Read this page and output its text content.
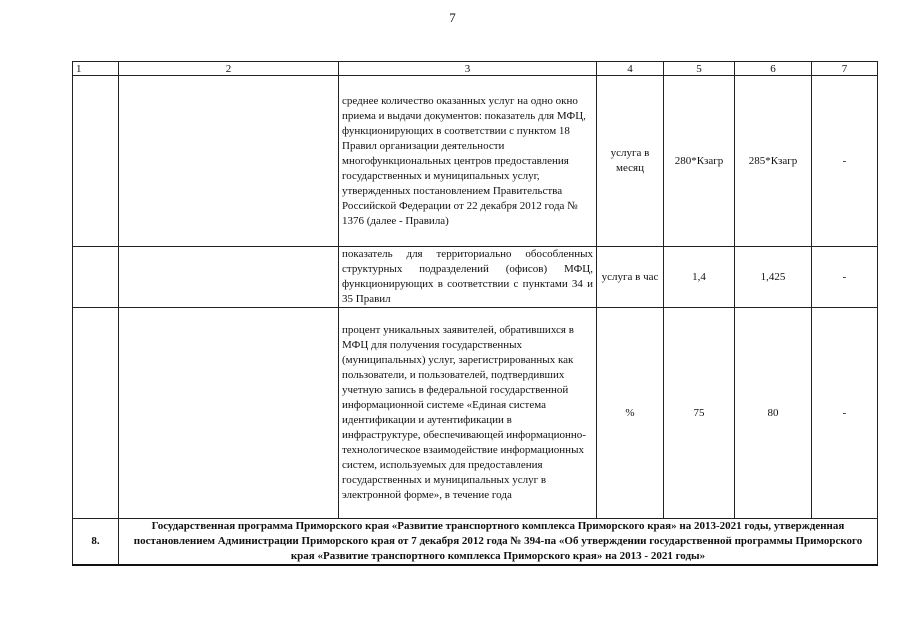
7
1	2	3	4	5	6	7
		среднее количество оказанных услуг на одно окно приема и выдачи документов: показатель для МФЦ, функционирующих в соответствии с пунктом 18 Правил организации деятельности многофункциональных центров предоставления государственных и муниципальных услуг, утвержденных постановлением Правительства Российской Федерации от 22 декабря 2012 года № 1376 (далее - Правила)	услуга в месяц	280*Кзагр	285*Кзагр	-
		показатель для территориально обособленных структурных подразделений (офисов) МФЦ, функционирующих в соответствии с пунктами 34 и 35 Правил	услуга в час	1,4	1,425	-
		процент уникальных заявителей, обратившихся в МФЦ для получения государственных (муниципальных) услуг, зарегистрированных как пользователи, и пользователей, подтвердивших учетную запись в федеральной государственной информационной системе «Единая система идентификации и аутентификации в инфраструктуре, обеспечивающей информационно-технологическое взаимодействие информационных систем, используемых для предоставления государственных и муниципальных услуг в электронной форме», в течение года	%	75	80	-
8.	Государственная программа Приморского края «Развитие транспортного комплекса Приморского края» на 2013-2021 годы, утвержденная постановлением Администрации Приморского края от 7 декабря 2012 года № 394-па «Об утверждении государственной программы Приморского края «Развитие транспортного комплекса Приморского края» на 2013 - 2021 годы»					
